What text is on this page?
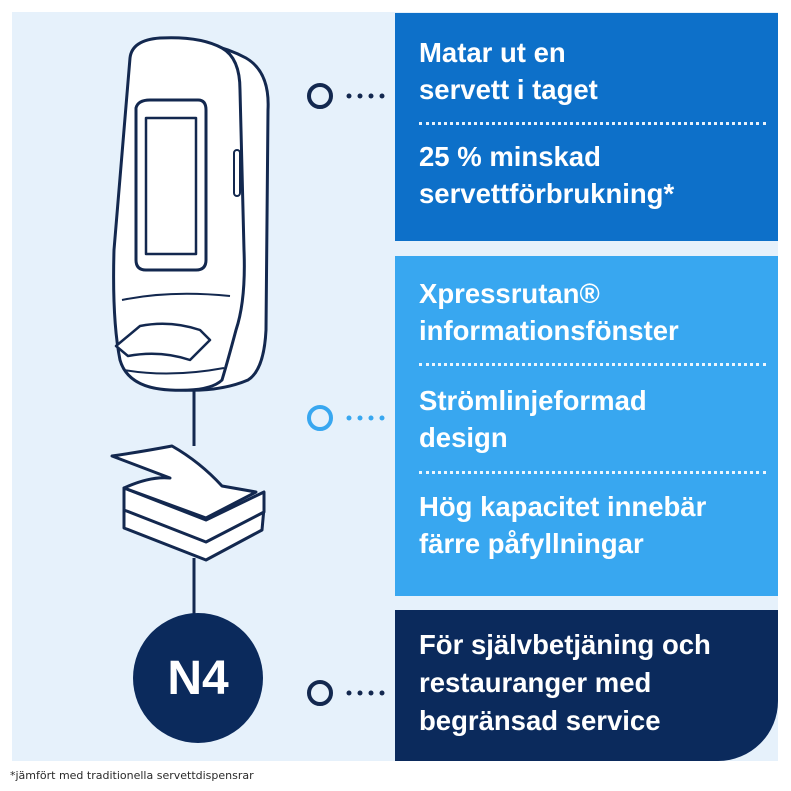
N4

Matar ut en
servett i taget

25 % minskad
servettförbrukning*

Xpressrutan®
informationsfönster

Strömlinjeformad
design

Hög kapacitet innebär
färre påfyllningar

För självbetjäning och
restauranger med
begränsad service

*jämfört med traditionella servettdispensrar
